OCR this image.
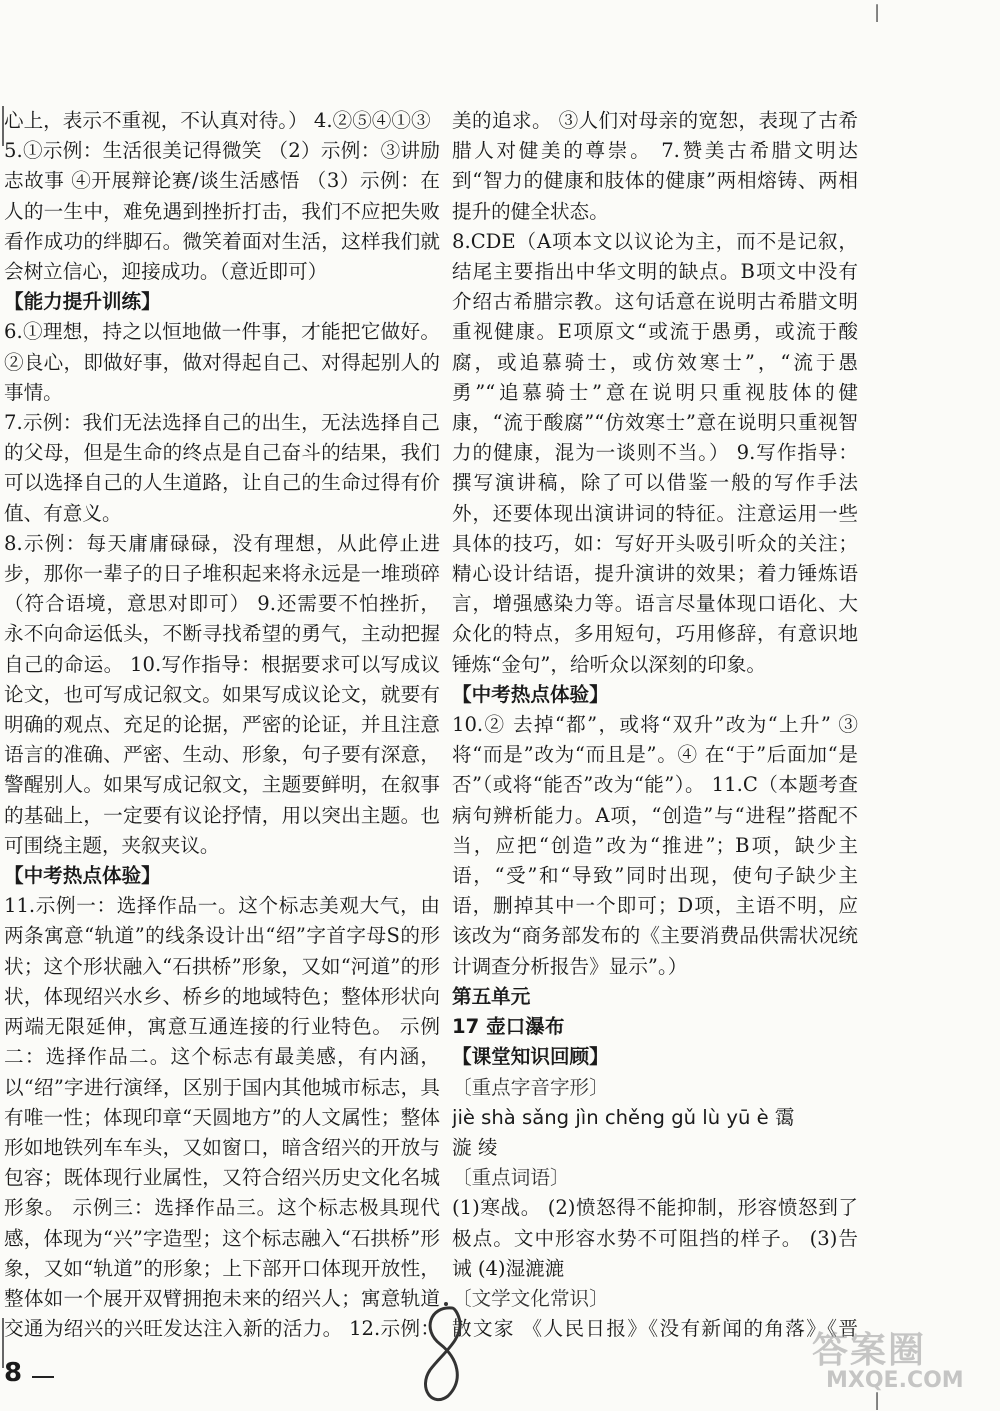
|
|

心上，表示不重视，不认真对待。） 4.②⑤④①③

5.①示例：生活很美记得微笑 （2）示例：③讲励志故事 ④开展辩论赛/谈生活感悟 （3）示例：在人的一生中，难免遇到挫折打击，我们不应把失败看作成功的绊脚石。微笑着面对生活，这样我们就会树立信心，迎接成功。（意近即可）

【能力提升训练】

6.①理想，持之以恒地做一件事，才能把它做好。②良心，即做好事，做对得起自己、对得起别人的事情。

7.示例：我们无法选择自己的出生，无法选择自己的父母，但是生命的终点是自己奋斗的结果，我们可以选择自己的人生道路，让自己的生命过得有价值、有意义。

8.示例：每天庸庸碌碌，没有理想，从此停止进步，那你一辈子的日子堆积起来将永远是一堆琐碎（符合语境，意思对即可） 9.还需要不怕挫折，永不向命运低头，不断寻找希望的勇气，主动把握自己的命运。 10.写作指导：根据要求可以写成议论文，也可写成记叙文。如果写成议论文，就要有明确的观点、充足的论据，严密的论证，并且注意语言的准确、严密、生动、形象，句子要有深意，警醒别人。如果写成记叙文，主题要鲜明，在叙事的基础上，一定要有议论抒情，用以突出主题。也可围绕主题，夹叙夹议。

【中考热点体验】

11.示例一：选择作品一。这个标志美观大气，由两条寓意“轨道”的线条设计出“绍”字首字母S的形状；这个形状融入“石拱桥”形象，又如“河道”的形状，体现绍兴水乡、桥乡的地域特色；整体形状向两端无限延伸，寓意互通连接的行业特色。 示例二：选择作品二。这个标志有最美感，有内涵，以“绍”字进行演绎，区别于国内其他城市标志，具有唯一性；体现印章“天圆地方”的人文属性；整体形如地铁列车车头，又如窗口，暗含绍兴的开放与包容；既体现行业属性，又符合绍兴历史文化名城形象。 示例三：选择作品三。这个标志极具现代感，体现为“兴”字造型；这个标志融入“石拱桥”形象，又如“轨道”的形象；上下部开口体现开放性，整体如一个展开双臂拥抱未来的绍兴人；寓意轨道交通为绍兴的兴旺发达注入新的活力。 12.示例：

美的追求。 ③人们对母亲的宽恕，表现了古希腊人对健美的尊崇。 7.赞美古希腊文明达到“智力的健康和肢体的健康”两相熔铸、两相提升的健全状态。

8.CDE（A项本文以议论为主，而不是记叙，结尾主要指出中华文明的缺点。B项文中没有介绍古希腊宗教。这句话意在说明古希腊文明重视健康。E项原文“或流于愚勇，或流于酸腐，或追慕骑士，或仿效寒士”，“流于愚勇”“追慕骑士”意在说明只重视肢体的健康，“流于酸腐”“仿效寒士”意在说明只重视智力的健康，混为一谈则不当。） 9.写作指导：撰写演讲稿，除了可以借鉴一般的写作手法外，还要体现出演讲词的特征。注意运用一些具体的技巧，如：写好开头吸引听众的关注；精心设计结语，提升演讲的效果；着力锤炼语言，增强感染力等。语言尽量体现口语化、大众化的特点，多用短句，巧用修辞，有意识地锤炼“金句”，给听众以深刻的印象。

【中考热点体验】

10.② 去掉“都”，或将“双升”改为“上升” ③ 将“而是”改为“而且是”。④ 在“于”后面加“是否”（或将“能否”改为“能”）。 11.C（本题考查病句辨析能力。A项，“创造”与“进程”搭配不当，应把“创造”改为“推进”；B项，缺少主语，“受”和“导致”同时出现，使句子缺少主语，删掉其中一个即可；D项，主语不明，应该改为“商务部发布的《主要消费品供需状况统计调查分析报告》显示”。）

第五单元

17 壶口瀑布

【课堂知识回顾】

〔重点字音字形〕

jiè shà sǎng jìn chěng gǔ lù yū è 霭

漩 绫

〔重点词语〕

(1)寒战。 (2)愤怒得不能抑制，形容愤怒到了极点。文中形容水势不可阻挡的样子。 (3)告诫 (4)湿漉漉

〔文学文化常识〕

散文家 《人民日报》《没有新闻的角落》《晋

8
答案圈
MXQE.COM
